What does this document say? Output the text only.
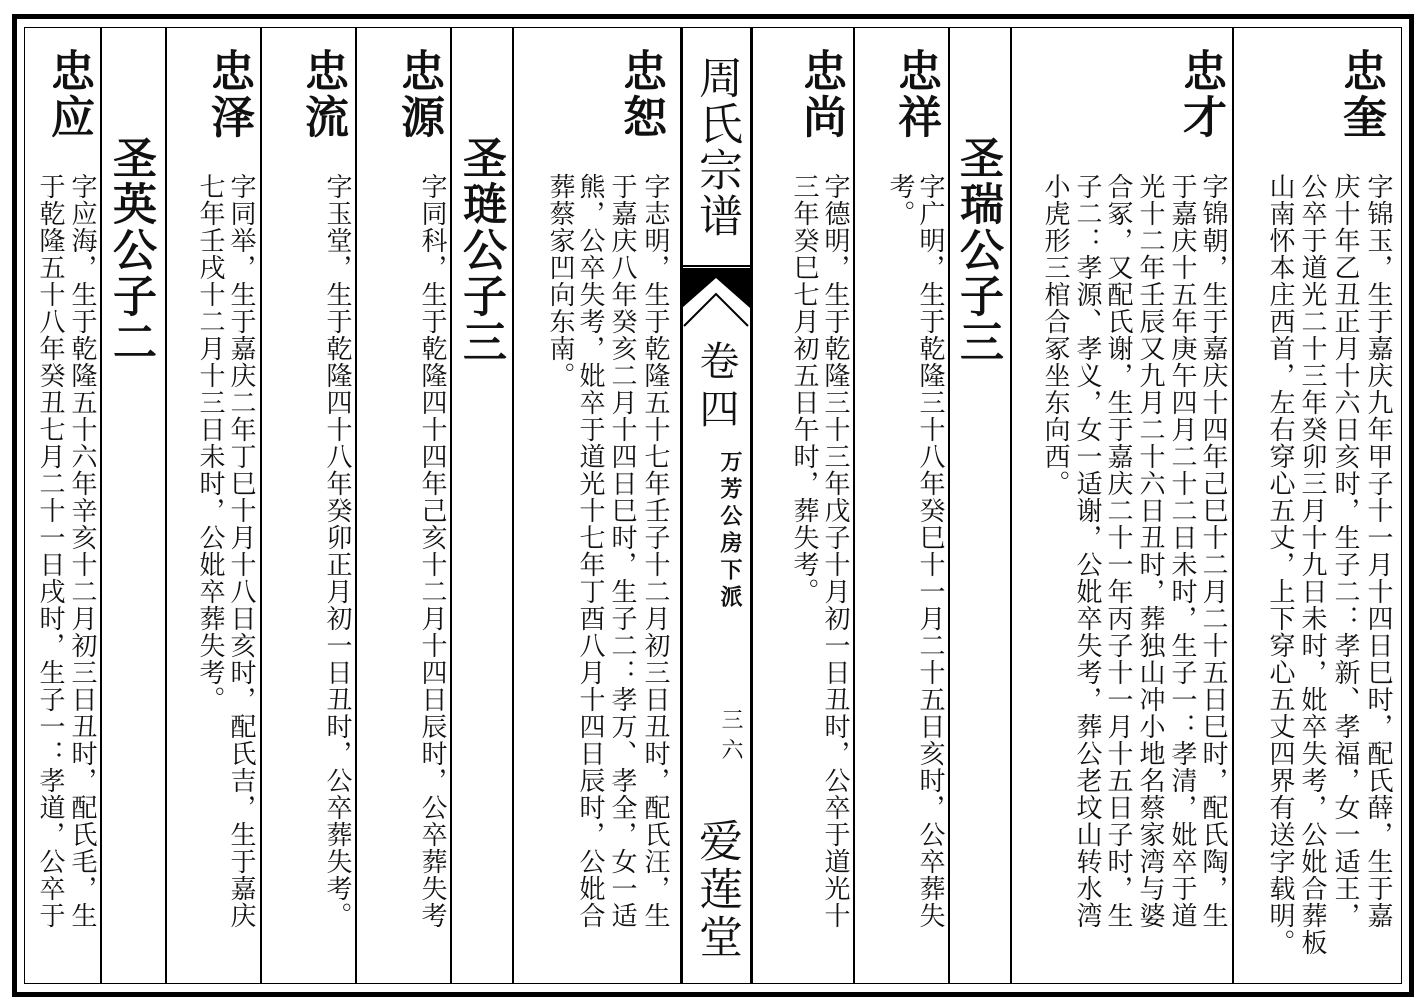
忠奎
字锦玉，生于嘉庆九年甲子十一月十四日巳时，配氏薛，生于嘉
庆十年乙丑正月十六日亥时，生子二：孝新、孝福，女一适王，
公卒于道光二十三年癸卯三月十九日未时，妣卒失考，公妣合葬板
山南怀本庄西首，左右穿心五丈，上下穿心五丈四界有送字载明。
忠才
字锦朝，生于嘉庆十四年己巳十二月二十五日巳时，配氏陶，生
于嘉庆十五年庚午四月二十二日未时，生子一：孝清，妣卒于道
光十二年壬辰又九月二十六日丑时，葬独山冲小地名蔡家湾与婆
合冢，又配氏谢，生于嘉庆二十一年丙子十一月十五日子时，生
子二：孝源、孝义，女一适谢，公妣卒失考，葬公老坟山转水湾
小虎形三棺合冢坐东向西。
圣瑞公子三
忠祥
字广明，生于乾隆三十八年癸巳十一月二十五日亥时，公卒葬失
考。
忠尚
字德明，生于乾隆三十三年戊子十月初一日丑时，公卒于道光十
三年癸巳七月初五日午时，葬失考。
周氏宗谱
卷四
万芳公房下派
三六
爱莲堂
忠恕
字志明，生于乾隆五十七年壬子十二月初三日丑时，配氏汪，生
于嘉庆八年癸亥二月十四日巳时，生子二：孝万、孝全，女一适
熊，公卒失考，妣卒于道光十七年丁酉八月十四日辰时，公妣合
葬蔡家凹向东南。
圣琏公子三
忠源
字同科，生于乾隆四十四年己亥十二月十四日辰时，公卒葬失考
忠流
字玉堂，生于乾隆四十八年癸卯正月初一日丑时，公卒葬失考。
忠泽
字同举，生于嘉庆二年丁巳十月十八日亥时，配氏吉，生于嘉庆
七年壬戌十二月十三日未时，公妣卒葬失考。
圣英公子二
忠应
字应海，生于乾隆五十六年辛亥十二月初三日丑时，配氏毛，生
于乾隆五十八年癸丑七月二十一日戌时，生子一：孝道，公卒于
